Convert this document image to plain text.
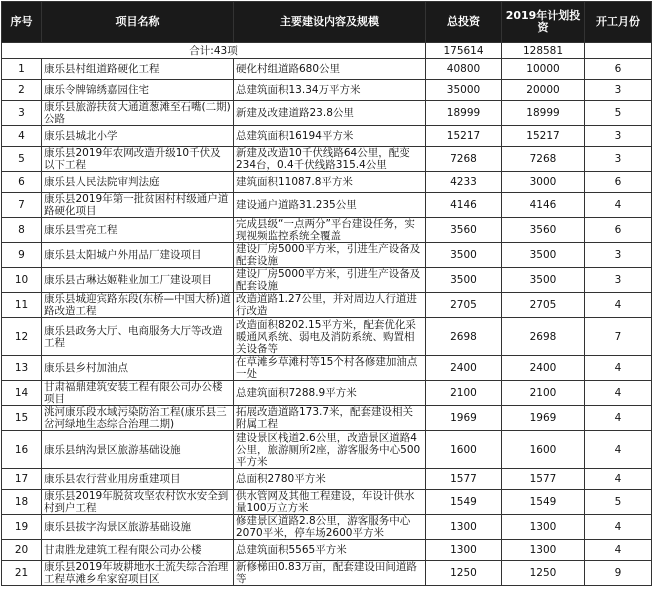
序号	项目名称	主要建设内容及规模	总投资	2019年计划投资	开工月份
合计:43项			175614	128581	
1	康乐县村组道路硬化工程	硬化村组道路680公里	40800	10000	6
2	康乐令牌锦绣嘉园住宅	总建筑面积13.34万平方米	35000	20000	3
3	康乐县旅游扶贫大通道葱滩至石嘴(二期)公路	新建及改建道路23.8公里	18999	18999	5
4	康乐县城北小学	总建筑面积16194平方米	15217	15217	3
5	康乐县2019年农网改造升级10千伏及以下工程	新建及改造10千伏线路64公里，配变234台，0.4千伏线路315.4公里	7268	7268	3
6	康乐县人民法院审判法庭	建筑面积11087.8平方米	4233	3000	6
7	康乐县2019年第一批贫困村村级通户道路硬化项目	建设通户道路31.235公里	4146	4146	4
8	康乐县雪亮工程	完成县级“一点两分”平台建设任务，实现视频监控系统全覆盖	3560	3560	6
9	康乐县太阳城户外用品厂建设项目	建设厂房5000平方米，引进生产设备及配套设施	3500	3500	3
10	康乐县古琳达姬鞋业加工厂建设项目	建设厂房5000平方米，引进生产设备及配套设施	3500	3500	3
11	康乐县城迎宾路东段(东桥—中国大桥)道路改造工程	改造道路1.27公里，并对周边人行道进行改造	2705	2705	4
12	康乐县政务大厅、电商服务大厅等改造工程	改造面积8202.15平方米，配套优化采暖通风系统、弱电及消防系统、购置相关设备等	2698	2698	7
13	康乐县乡村加油点	在草滩乡草滩村等15个村各修建加油点一处	2400	2400	4
14	甘肃福鼎建筑安装工程有限公司办公楼项目	总建筑面积7288.9平方米	2100	2100	4
15	洮河康乐段水域污染防治工程(康乐县三岔河绿地生态综合治理二期)	拓展改造道路173.7米，配套建设相关附属工程	1969	1969	4
16	康乐县纳沟景区旅游基础设施	建设景区栈道2.6公里，改造景区道路4公里，旅游厕所2座，游客服务中心500平方米	1600	1600	4
17	康乐县农行营业用房重建项目	总面积2780平方米	1577	1577	4
18	康乐县2019年脱贫攻坚农村饮水安全到村到户工程	供水管网及其他工程建设，年设计供水量100万立方米	1549	1549	5
19	康乐县拔字沟景区旅游基础设施	修建景区道路2.8公里，游客服务中心2070平米，停车场2600平方米	1300	1300	4
20	甘肃胜龙建筑工程有限公司办公楼	总建筑面积5565平方米	1300	1300	4
21	康乐县2019年坡耕地水土流失综合治理工程草滩乡牟家窑项目区	新修梯田0.83万亩，配套建设田间道路等	1250	1250	9
